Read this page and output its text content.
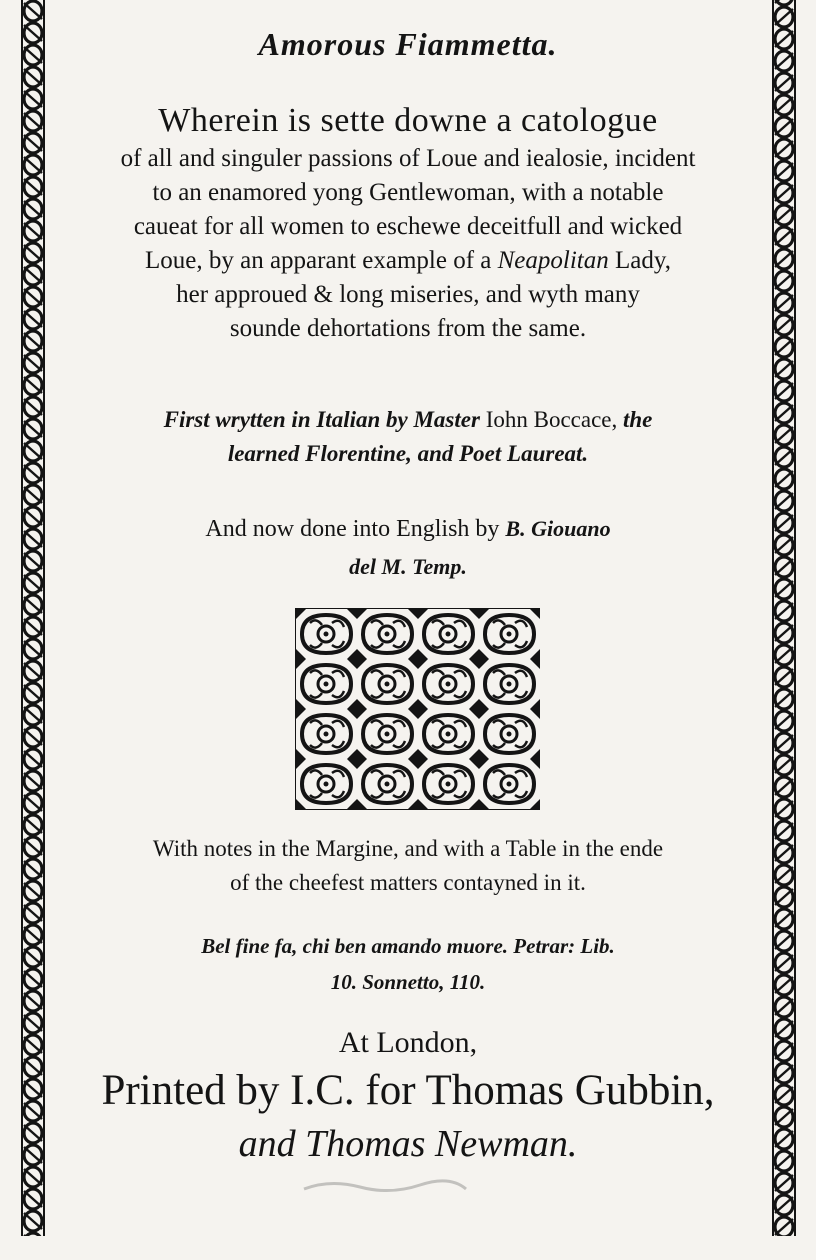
Amorous Fiammetta.
Wherein is sette downe a catologue
of all and singuler passions of Loue and iealosie, incident
to an enamored yong Gentlewoman, with a notable
caueat for all women to eschewe deceitfull and wicked
Loue, by an apparant example of a Neapolitan Lady,
her approued & long miseries, and wyth many
sounde dehortations from the same.
First wrytten in Italian by Master Iohn Boccace, the
learned Florentine, and Poet Laureat.
And now done into English by B. Giouano
del M. Temp.
With notes in the Margine, and with a Table in the ende
of the cheefest matters contayned in it.
Bel fine fa, chi ben amando muore. Petrar: Lib.
10. Sonnetto, 110.
At London,
Printed by I.C. for Thomas Gubbin,
and Thomas Newman.
